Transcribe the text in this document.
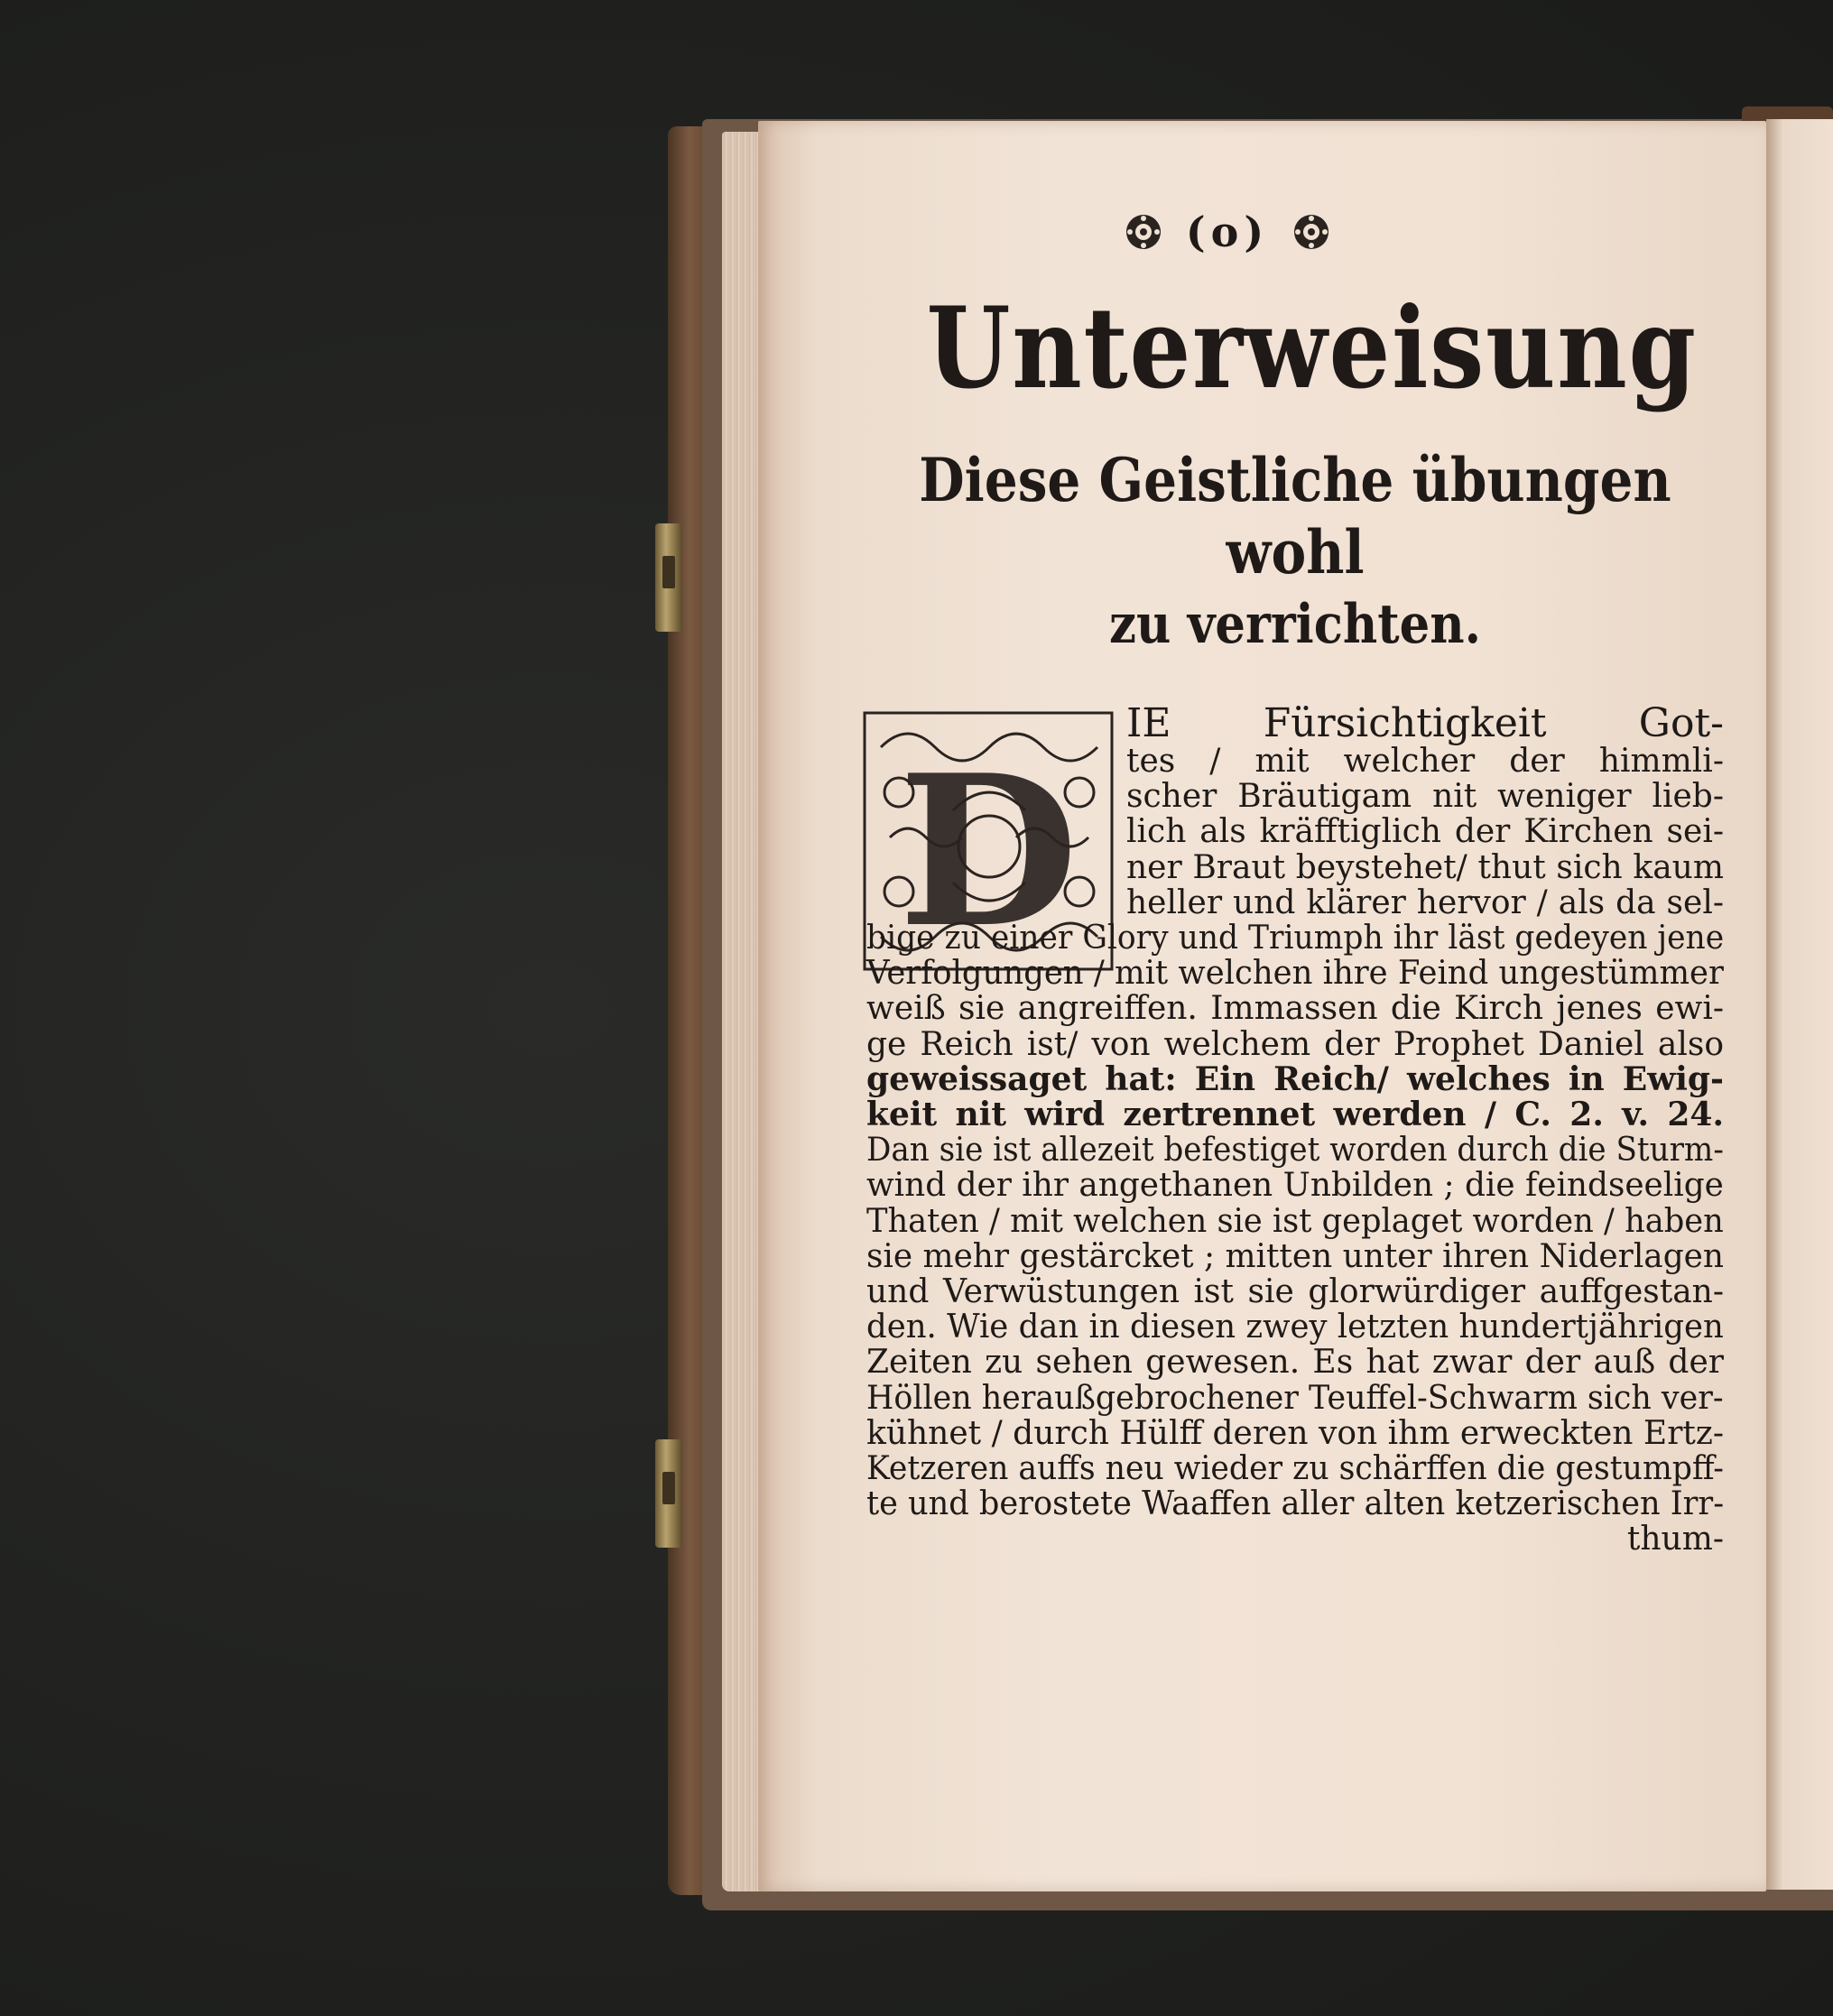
(o)
Unterweisung
Diese Geistliche übungen wohl
zu verrichten.
D
IE Fürsichtigkeit Got-
tes / mit welcher der himmli-
scher Bräutigam nit weniger lieb-
lich als kräfftiglich der Kirchen sei-
ner Braut beystehet/ thut sich kaum
heller und klärer hervor / als da sel-
bige zu einer Glory und Triumph ihr läst gedeyen jene
Verfolgungen / mit welchen ihre Feind ungestümmer
weiß sie angreiffen. Immassen die Kirch jenes ewi-
ge Reich ist/ von welchem der Prophet Daniel also
geweissaget hat: Ein Reich/ welches in Ewig-
keit nit wird zertrennet werden / C. 2. v. 24.
Dan sie ist allezeit befestiget worden durch die Sturm-
wind der ihr angethanen Unbilden ; die feindseelige
Thaten / mit welchen sie ist geplaget worden / haben
sie mehr gestärcket ; mitten unter ihren Niderlagen
und Verwüstungen ist sie glorwürdiger auffgestan-
den. Wie dan in diesen zwey letzten hundertjährigen
Zeiten zu sehen gewesen. Es hat zwar der auß der
Höllen heraußgebrochener Teuffel-Schwarm sich ver-
kühnet / durch Hülff deren von ihm erweckten Ertz-
Ketzeren auffs neu wieder zu schärffen die gestumpff-
te und berostete Waaffen aller alten ketzerischen Irr-
thum-
